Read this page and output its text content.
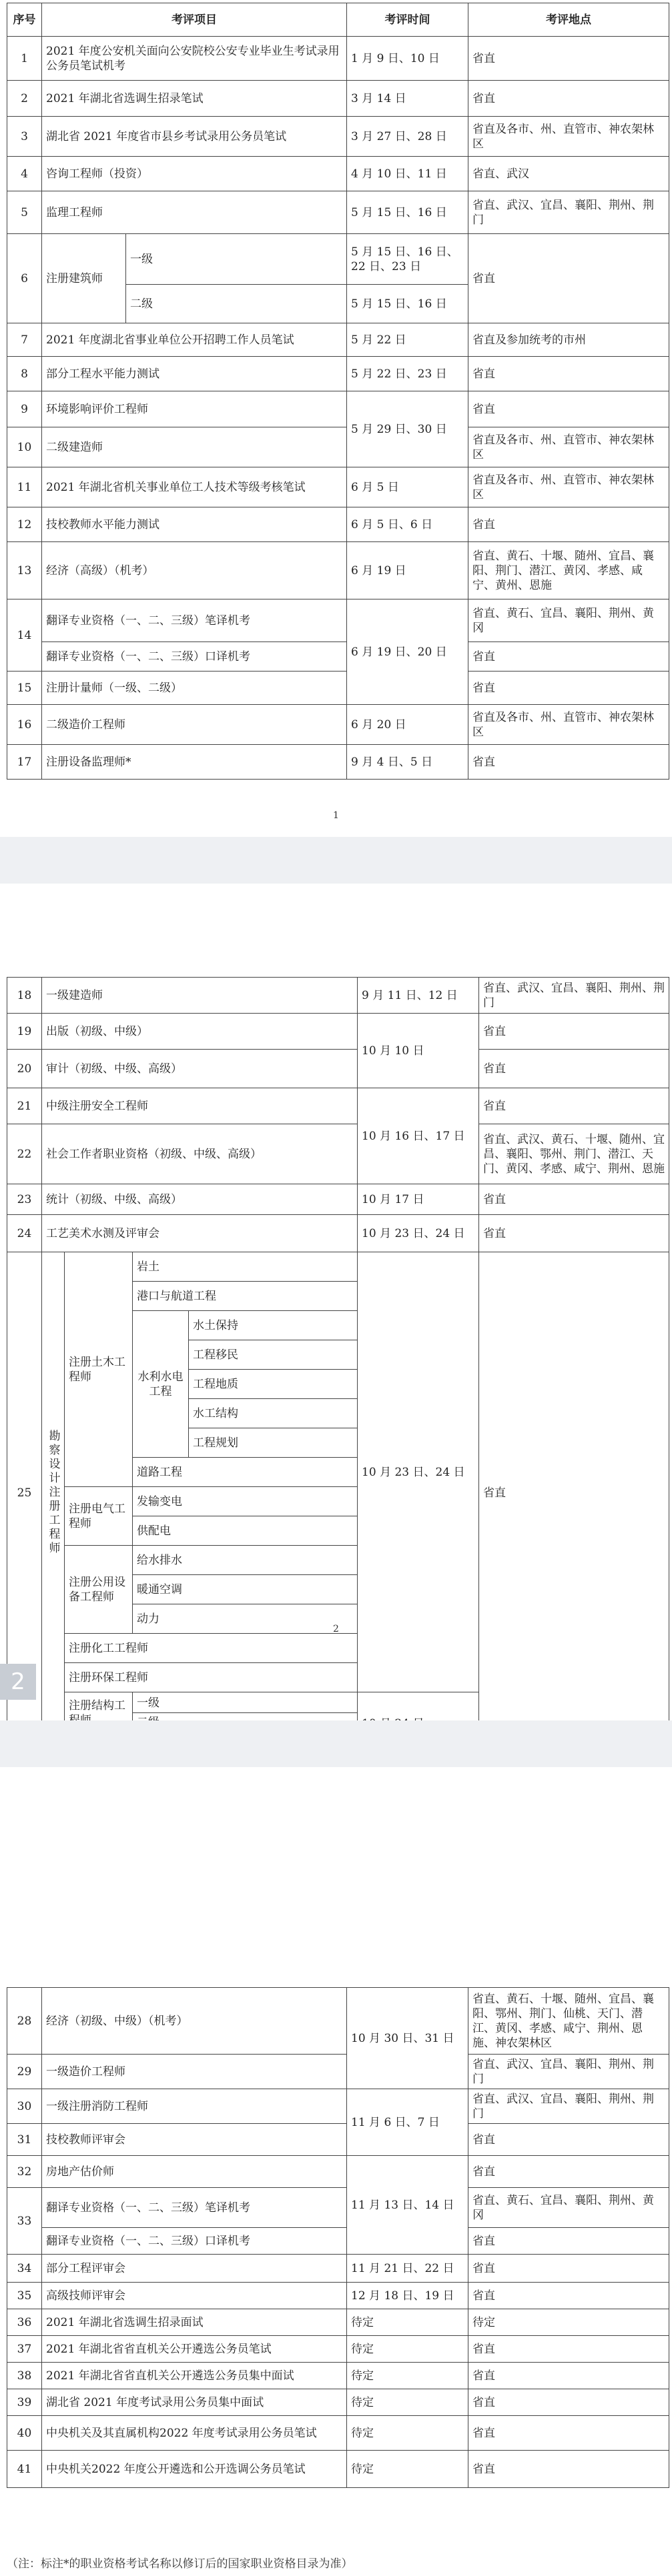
序号	考评项目		考评时间	考评地点
1	2021 年度公安机关面向公安院校公安专业毕业生考试录用公务员笔试机考		1 月 9 日、10 日	省直
2	2021 年湖北省选调生招录笔试		3 月 14 日	省直
3	湖北省 2021 年度省市县乡考试录用公务员笔试		3 月 27 日、28 日	省直及各市、州、直管市、神农架林区
4	咨询工程师（投资）		4 月 10 日、11 日	省直、武汉
5	监理工程师		5 月 15 日、16 日	省直、武汉、宜昌、襄阳、荆州、荆门
6	注册建筑师	一级	5 月 15 日、16 日、22 日、23 日	省直
		二级	5 月 15 日、16 日	
7	2021 年度湖北省事业单位公开招聘工作人员笔试		5 月 22 日	省直及参加统考的市州
8	部分工程水平能力测试		5 月 22 日、23 日	省直
9	环境影响评价工程师		5 月 29 日、30 日	省直
10	二级建造师			省直及各市、州、直管市、神农架林区
11	2021 年湖北省机关事业单位工人技术等级考核笔试		6 月 5 日	省直及各市、州、直管市、神农架林区
12	技校教师水平能力测试		6 月 5 日、6 日	省直
13	经济（高级）（机考）		6 月 19 日	省直、黄石、十堰、随州、宜昌、襄阳、荆门、潜江、黄冈、孝感、咸宁、黄州、恩施
14	翻译专业资格（一、二、三级）笔译机考		6 月 19 日、20 日	省直、黄石、宜昌、襄阳、荆州、黄冈
	翻译专业资格（一、二、三级）口译机考			省直
15	注册计量师（一级、二级）			省直
16	二级造价工程师		6 月 20 日	省直及各市、州、直管市、神农架林区
17	注册设备监理师*		9 月 4 日、5 日	省直
1
18	一级建造师				9 月 11 日、12 日	省直、武汉、宜昌、襄阳、荆州、荆门
19	出版（初级、中级）				10 月 10 日	省直
20	审计（初级、中级、高级）					省直
21	中级注册安全工程师				10 月 16 日、17 日	省直
22	社会工作者职业资格（初级、中级、高级）					省直、武汉、黄石、十堰、随州、宜昌、襄阳、鄂州、荆门、潜江、天门、黄冈、孝感、咸宁、荆州、恩施
23	统计（初级、中级、高级）				10 月 17 日	省直
24	工艺美术水测及评审会				10 月 23 日、24 日	省直
25	勘察设计注册工程师	注册土木工程师	岩土		10 月 23 日、24 日	省直
			港口与航道工程			
			水利水电工程	水土保持		
				工程移民		
				工程地质		
				水工结构		
				工程规划		
			道路工程			

		注册电气工程师	发输变电			
			供配电			
		注册公用设备工程师	给水排水			
			暖通空调			
			动力			
		注册化工工程师				
		注册环保工程师				
		注册结构工	一级

2
2
28	经济（初级、中级）（机考）	10 月 30 日、31 日	省直、黄石、十堰、随州、宜昌、襄阳、鄂州、荆门、仙桃、天门、潜江、黄冈、孝感、咸宁、荆州、恩施、神农架林区
29	一级造价工程师		省直、武汉、宜昌、襄阳、荆州、荆门
30	一级注册消防工程师	11 月 6 日、7 日	省直、武汉、宜昌、襄阳、荆州、荆门
31	技校教师评审会		省直
32	房地产估价师	11 月 13 日、14 日	省直
33	翻译专业资格（一、二、三级）笔译机考		省直、黄石、宜昌、襄阳、荆州、黄冈
	翻译专业资格（一、二、三级）口译机考		省直
34	部分工程评审会	11 月 21 日、22 日	省直
35	高级技师评审会	12 月 18 日、19 日	省直
36	2021 年湖北省选调生招录面试	待定	待定
37	2021 年湖北省省直机关公开遴选公务员笔试	待定	省直
38	2021 年湖北省省直机关公开遴选公务员集中面试	待定	省直
39	湖北省 2021 年度考试录用公务员集中面试	待定	省直
40	中央机关及其直属机构2022 年度考试录用公务员笔试	待定	省直
41	中央机关2022 年度公开遴选和公开选调公务员笔试	待定	省直
（注：标注*的职业资格考试名称以修订后的国家职业资格目录为准）
